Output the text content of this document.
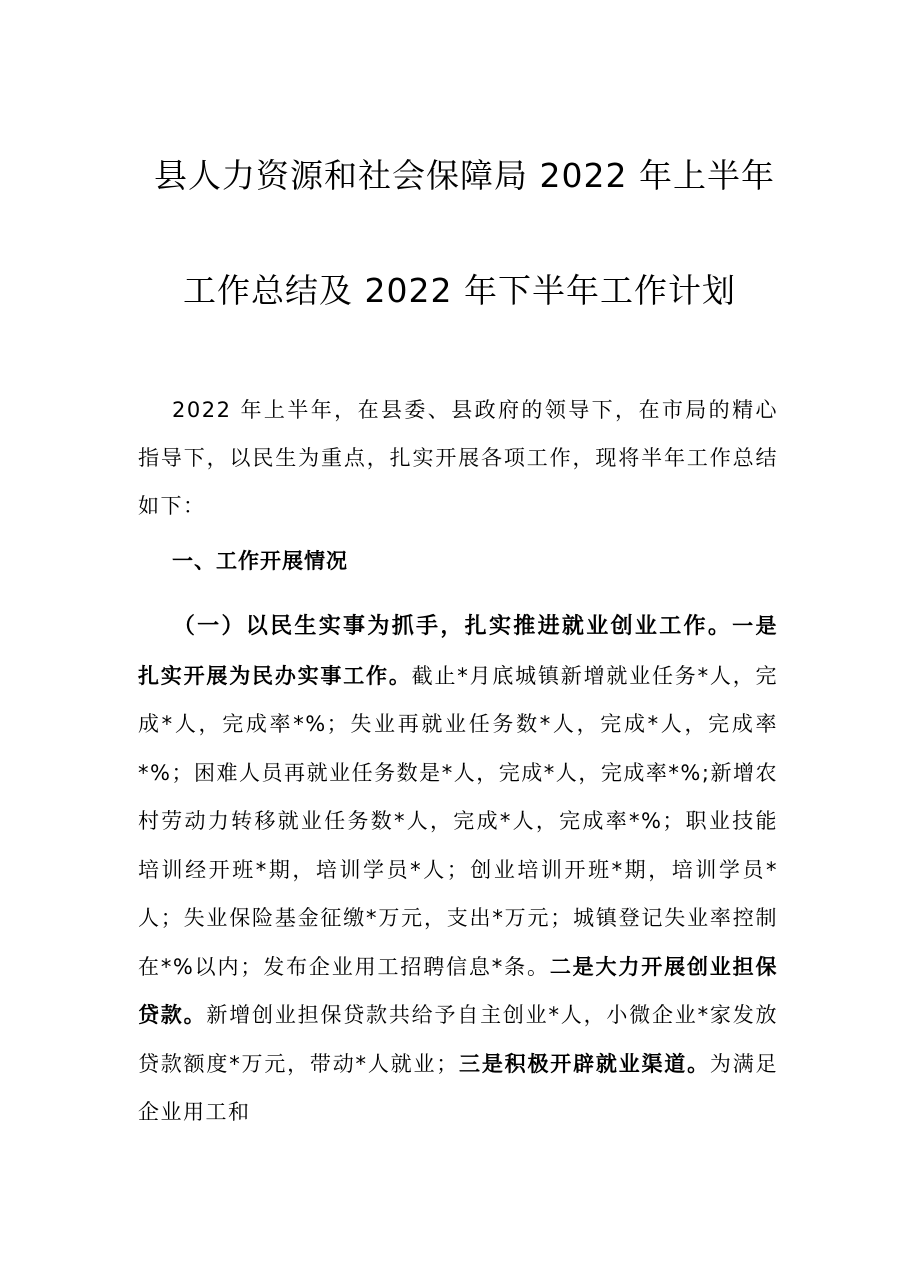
县人力资源和社会保障局 2022 年上半年
工作总结及 2022 年下半年工作计划
2022 年上半年，在县委、县政府的领导下，在市局的精心指导下，以民生为重点，扎实开展各项工作，现将半年工作总结如下：
一、工作开展情况
（一）以民生实事为抓手，扎实推进就业创业工作。一是扎实开展为民办实事工作。截止*月底城镇新增就业任务*人，完成*人，完成率*%；失业再就业任务数*人，完成*人，完成率*%；困难人员再就业任务数是*人，完成*人，完成率*%;新增农村劳动力转移就业任务数*人，完成*人，完成率*%；职业技能培训经开班*期，培训学员*人；创业培训开班*期，培训学员*人；失业保险基金征缴*万元，支出*万元；城镇登记失业率控制在*%以内；发布企业用工招聘信息*条。二是大力开展创业担保贷款。新增创业担保贷款共给予自主创业*人，小微企业*家发放贷款额度*万元，带动*人就业；三是积极开辟就业渠道。为满足企业用工和
